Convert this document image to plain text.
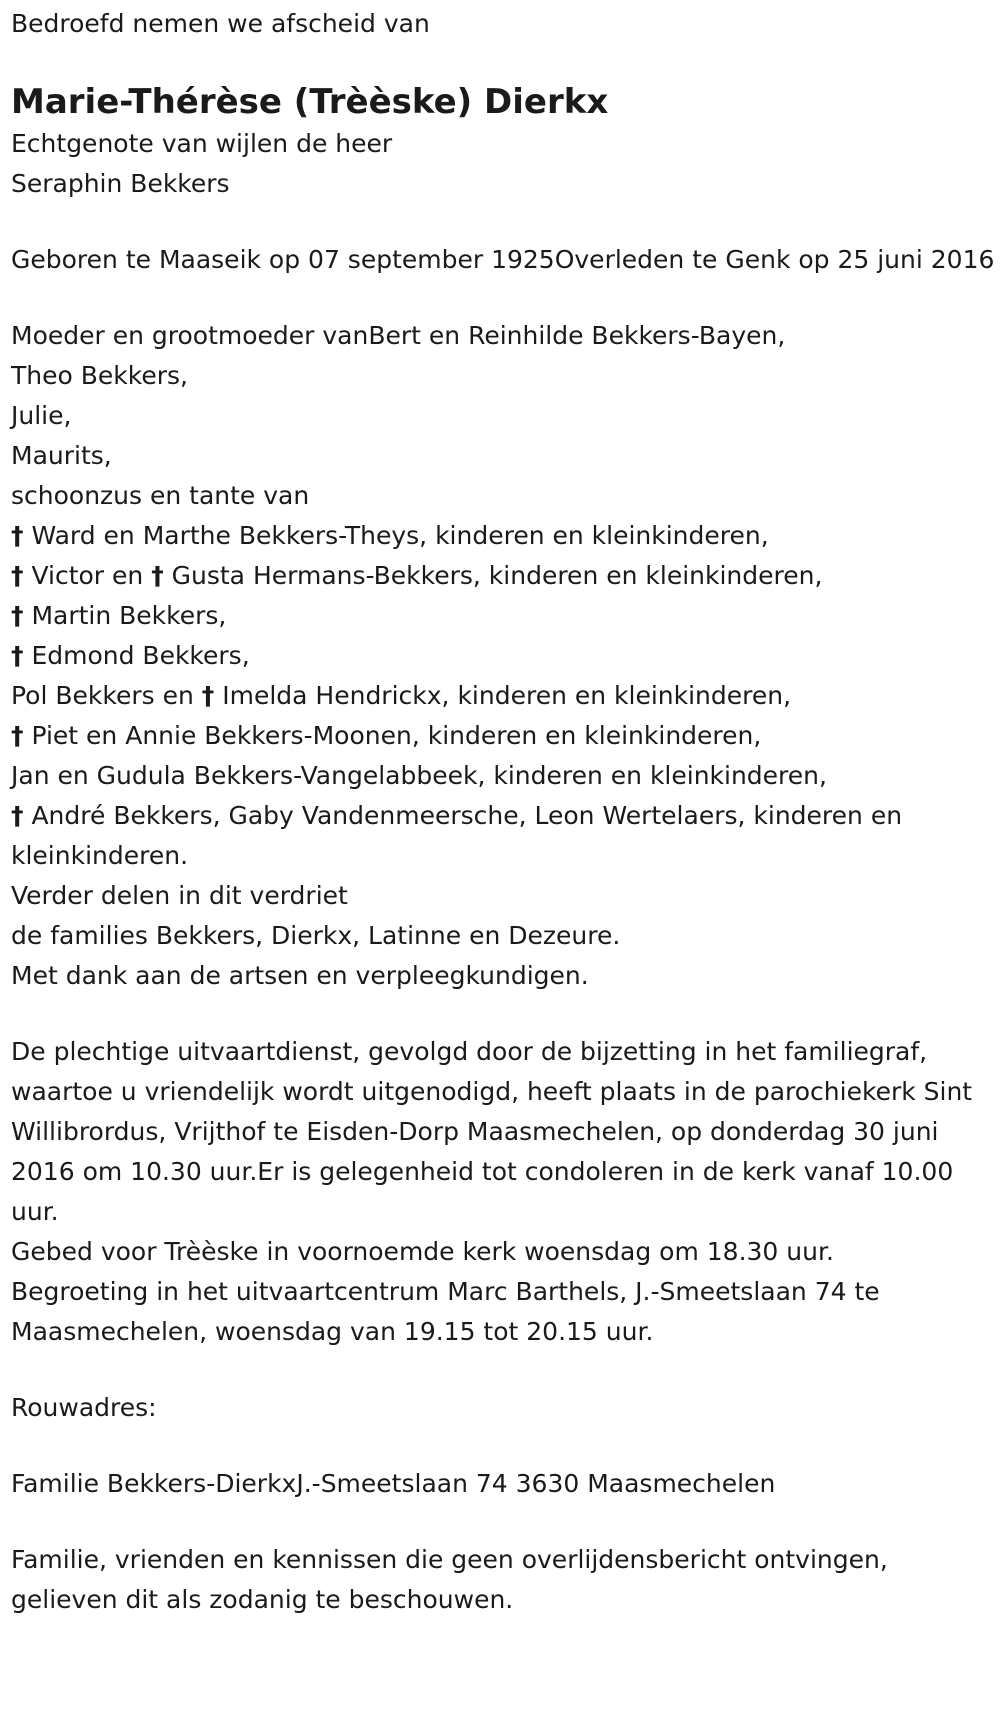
Bedroefd nemen we afscheid van

Marie-Thérèse (Trèèske) Dierkx

Echtgenote van wijlen de heer

Seraphin Bekkers

Geboren te Maaseik op 07 september 1925Overleden te Genk op 25 juni 2016

Moeder en grootmoeder vanBert en Reinhilde Bekkers-Bayen,

Theo Bekkers,

Julie,

Maurits,

schoonzus en tante van

† Ward en Marthe Bekkers-Theys, kinderen en kleinkinderen,

† Victor en † Gusta Hermans-Bekkers, kinderen en kleinkinderen,

† Martin Bekkers,

† Edmond Bekkers,

Pol Bekkers en † Imelda Hendrickx, kinderen en kleinkinderen,

† Piet en Annie Bekkers-Moonen, kinderen en kleinkinderen,

Jan en Gudula Bekkers-Vangelabbeek, kinderen en kleinkinderen,

† André Bekkers, Gaby Vandenmeersche, Leon Wertelaers, kinderen en kleinkinderen.

Verder delen in dit verdriet

de families Bekkers, Dierkx, Latinne en Dezeure.

Met dank aan de artsen en verpleegkundigen.

De plechtige uitvaartdienst, gevolgd door de bijzetting in het familiegraf, waartoe u vriendelijk wordt uitgenodigd, heeft plaats in de parochiekerk Sint Willibrordus, Vrijthof te Eisden-Dorp Maasmechelen, op donderdag 30 juni 2016 om 10.30 uur.Er is gelegenheid tot condoleren in de kerk vanaf 10.00 uur.

Gebed voor Trèèske in voornoemde kerk woensdag om 18.30 uur.

Begroeting in het uitvaartcentrum Marc Barthels, J.-Smeetslaan 74 te Maasmechelen, woensdag van 19.15 tot 20.15 uur.

Rouwadres:

Familie Bekkers-DierkxJ.-Smeetslaan 74 3630 Maasmechelen

Familie, vrienden en kennissen die geen overlijdensbericht ontvingen, gelieven dit als zodanig te beschouwen.
